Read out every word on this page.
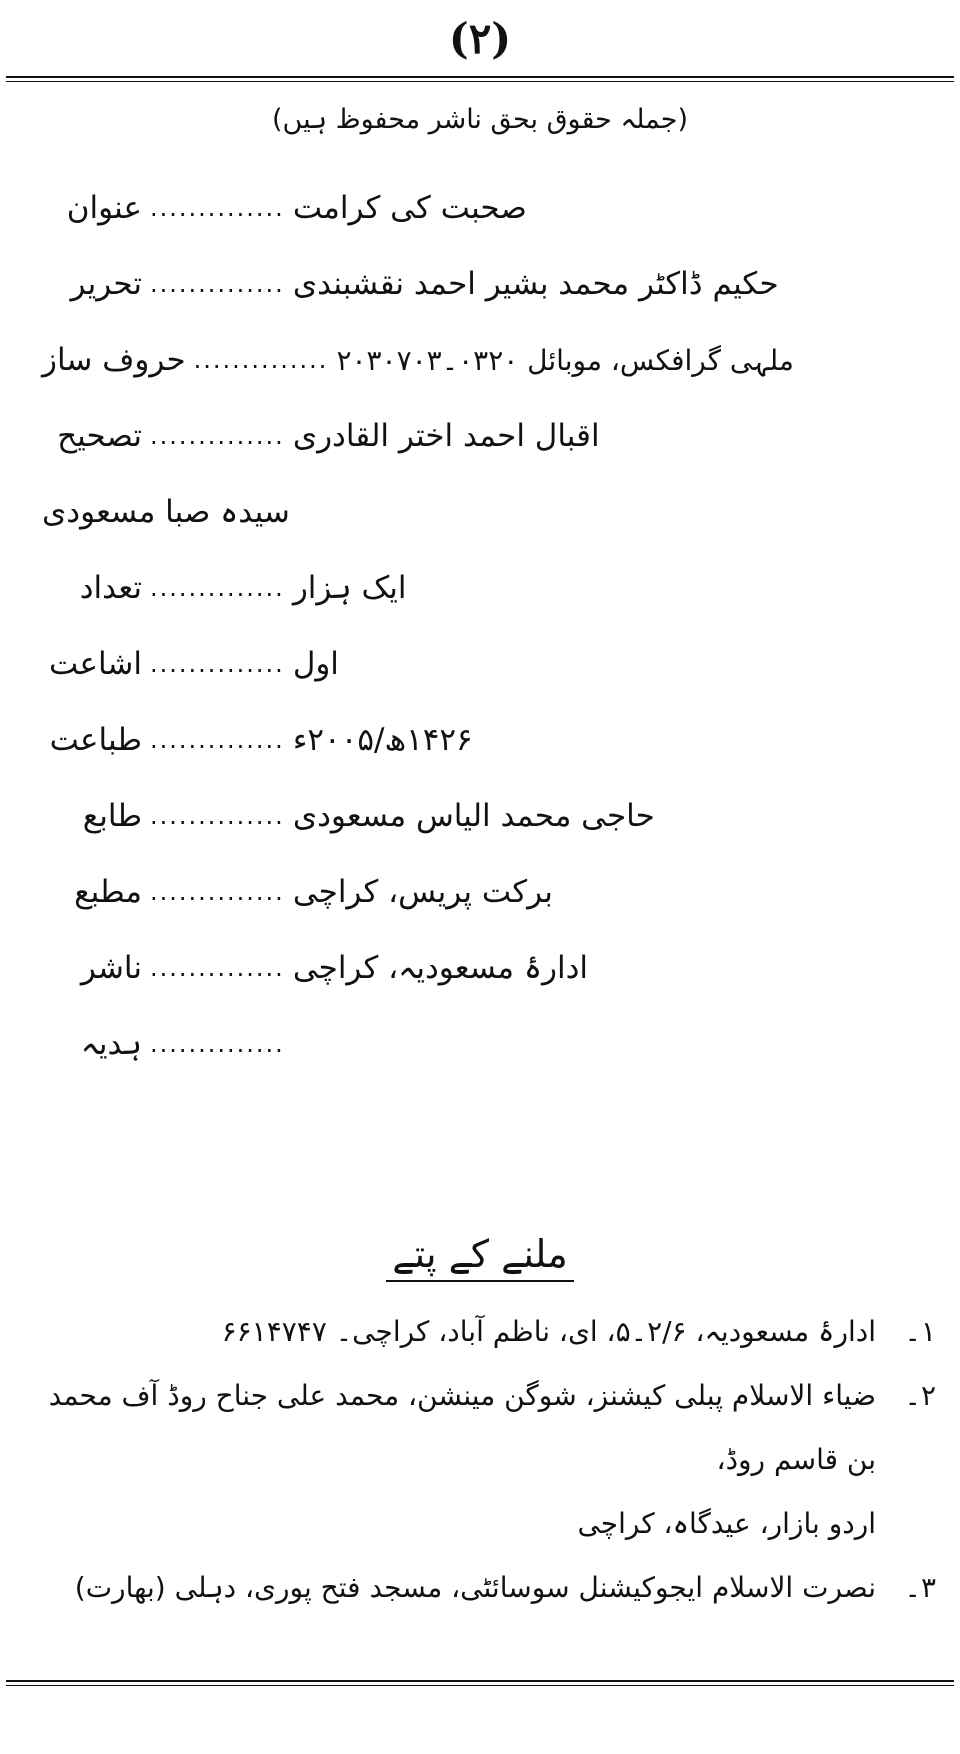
(۲)
(جملہ حقوق بحق ناشر محفوظ ہیں)
عنوان .............. صحبت کی کرامت
تحریر .............. حکیم ڈاکٹر محمد بشیر احمد نقشبندی
حروف ساز .............. ملہی گرافکس، موبائل ۰۳۲۰۔۲۰۳۰۷۰۳
تصحیح .............. اقبال احمد اختر القادری
سیدہ صبا مسعودی
تعداد .............. ایک ہزار
اشاعت .............. اول
طباعت .............. ۱۴۲۶ھ/۲۰۰۵ء
طابع .............. حاجی محمد الیاس مسعودی
مطبع .............. برکت پریس، کراچی
ناشر .............. ادارۂ مسعودیہ، کراچی
ہدیہ ..............
ملنے کے پتے
۱۔
ادارۂ مسعودیہ، ۲/۶۔۵، ای، ناظم آباد، کراچی۔ ۶۶۱۴۷۴۷
۲۔
ضیاء الاسلام پبلی کیشنز، شوگن مینشن، محمد علی جناح روڈ آف محمد بن قاسم روڈ،
اردو بازار، عیدگاہ، کراچی
۳۔
نصرت الاسلام ایجوکیشنل سوسائٹی، مسجد فتح پوری، دہلی (بھارت)
